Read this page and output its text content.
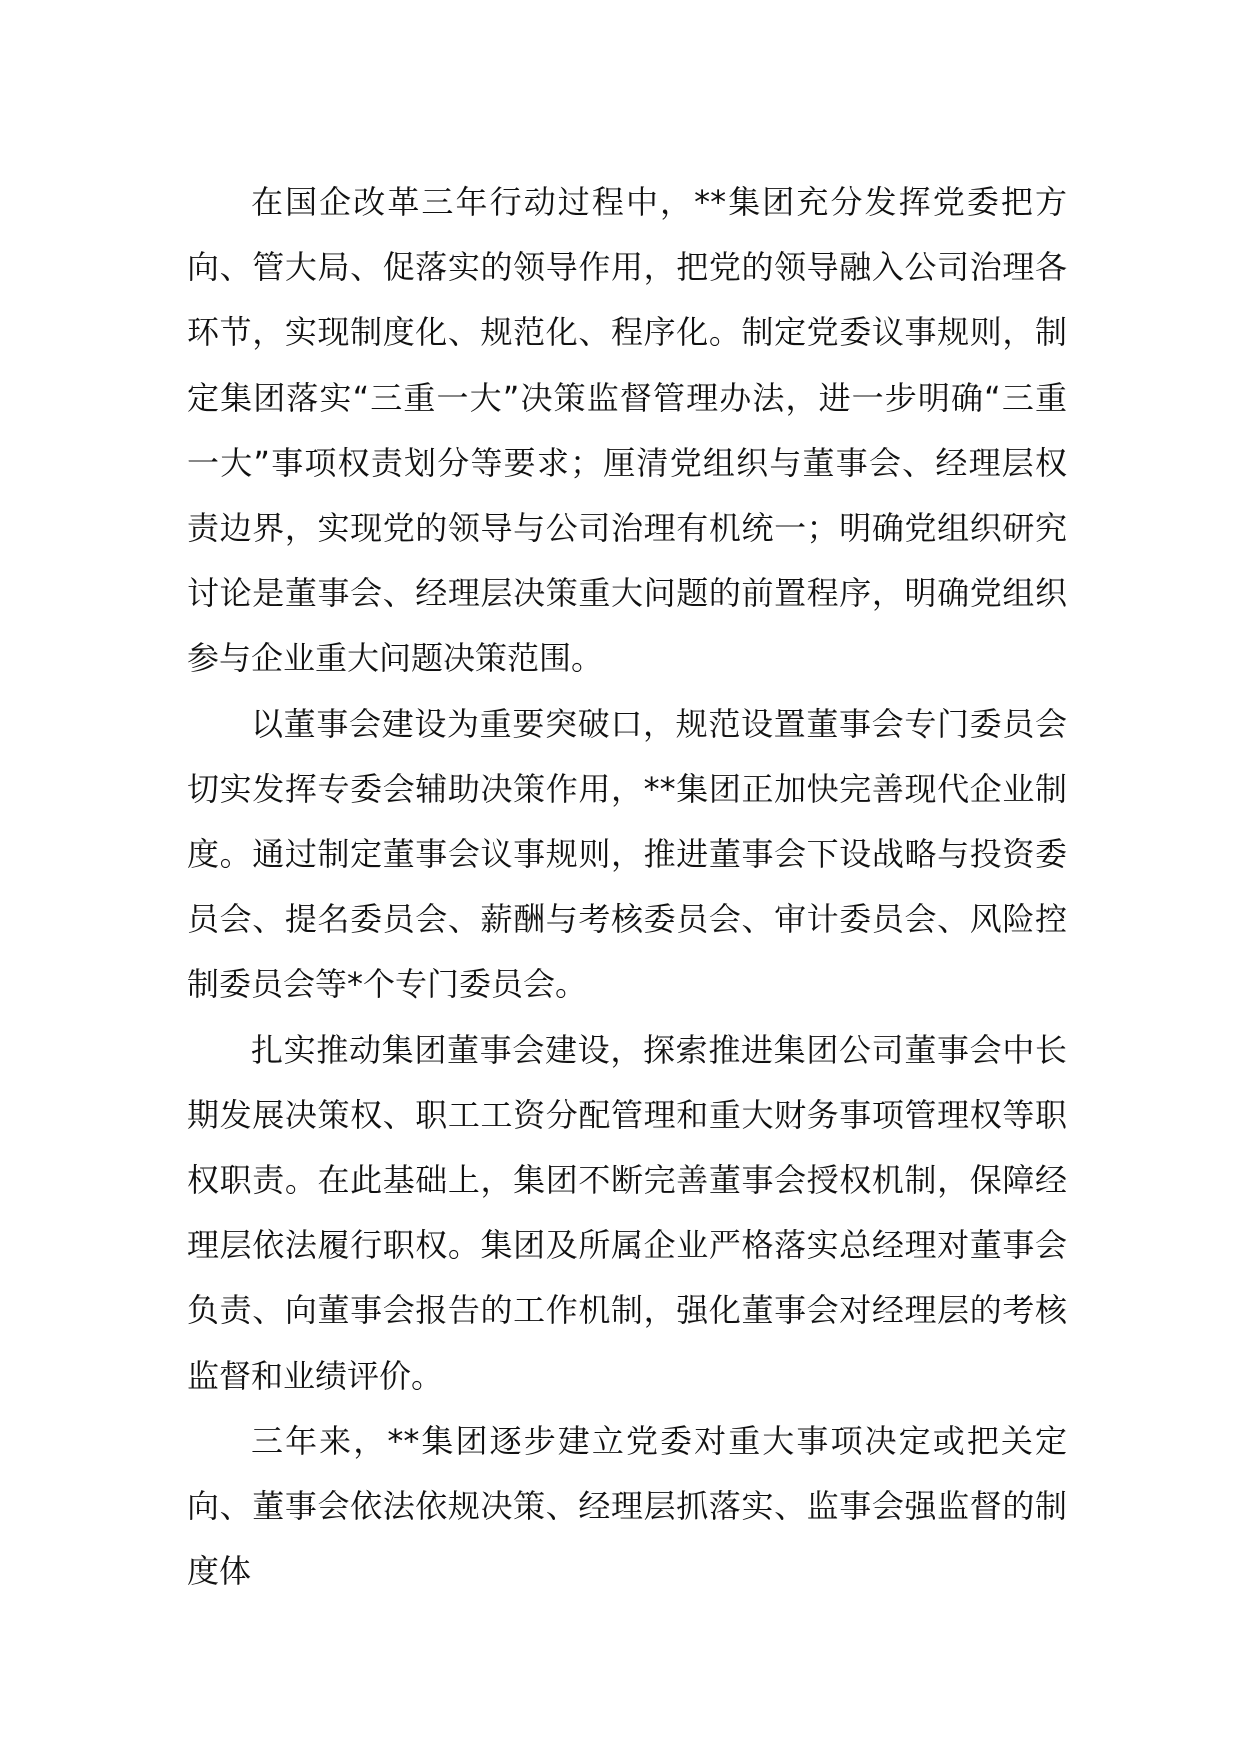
在国企改革三年行动过程中，**集团充分发挥党委把方向、管大局、促落实的领导作用，把党的领导融入公司治理各环节，实现制度化、规范化、程序化。制定党委议事规则，制定集团落实“三重一大”决策监督管理办法，进一步明确“三重一大”事项权责划分等要求；厘清党组织与董事会、经理层权责边界，实现党的领导与公司治理有机统一；明确党组织研究讨论是董事会、经理层决策重大问题的前置程序，明确党组织参与企业重大问题决策范围。

以董事会建设为重要突破口，规范设置董事会专门委员会切实发挥专委会辅助决策作用，**集团正加快完善现代企业制度。通过制定董事会议事规则，推进董事会下设战略与投资委员会、提名委员会、薪酬与考核委员会、审计委员会、风险控制委员会等*个专门委员会。

扎实推动集团董事会建设，探索推进集团公司董事会中长期发展决策权、职工工资分配管理和重大财务事项管理权等职权职责。在此基础上，集团不断完善董事会授权机制，保障经理层依法履行职权。集团及所属企业严格落实总经理对董事会负责、向董事会报告的工作机制，强化董事会对经理层的考核监督和业绩评价。

三年来，**集团逐步建立党委对重大事项决定或把关定向、董事会依法依规决策、经理层抓落实、监事会强监督的制度体
